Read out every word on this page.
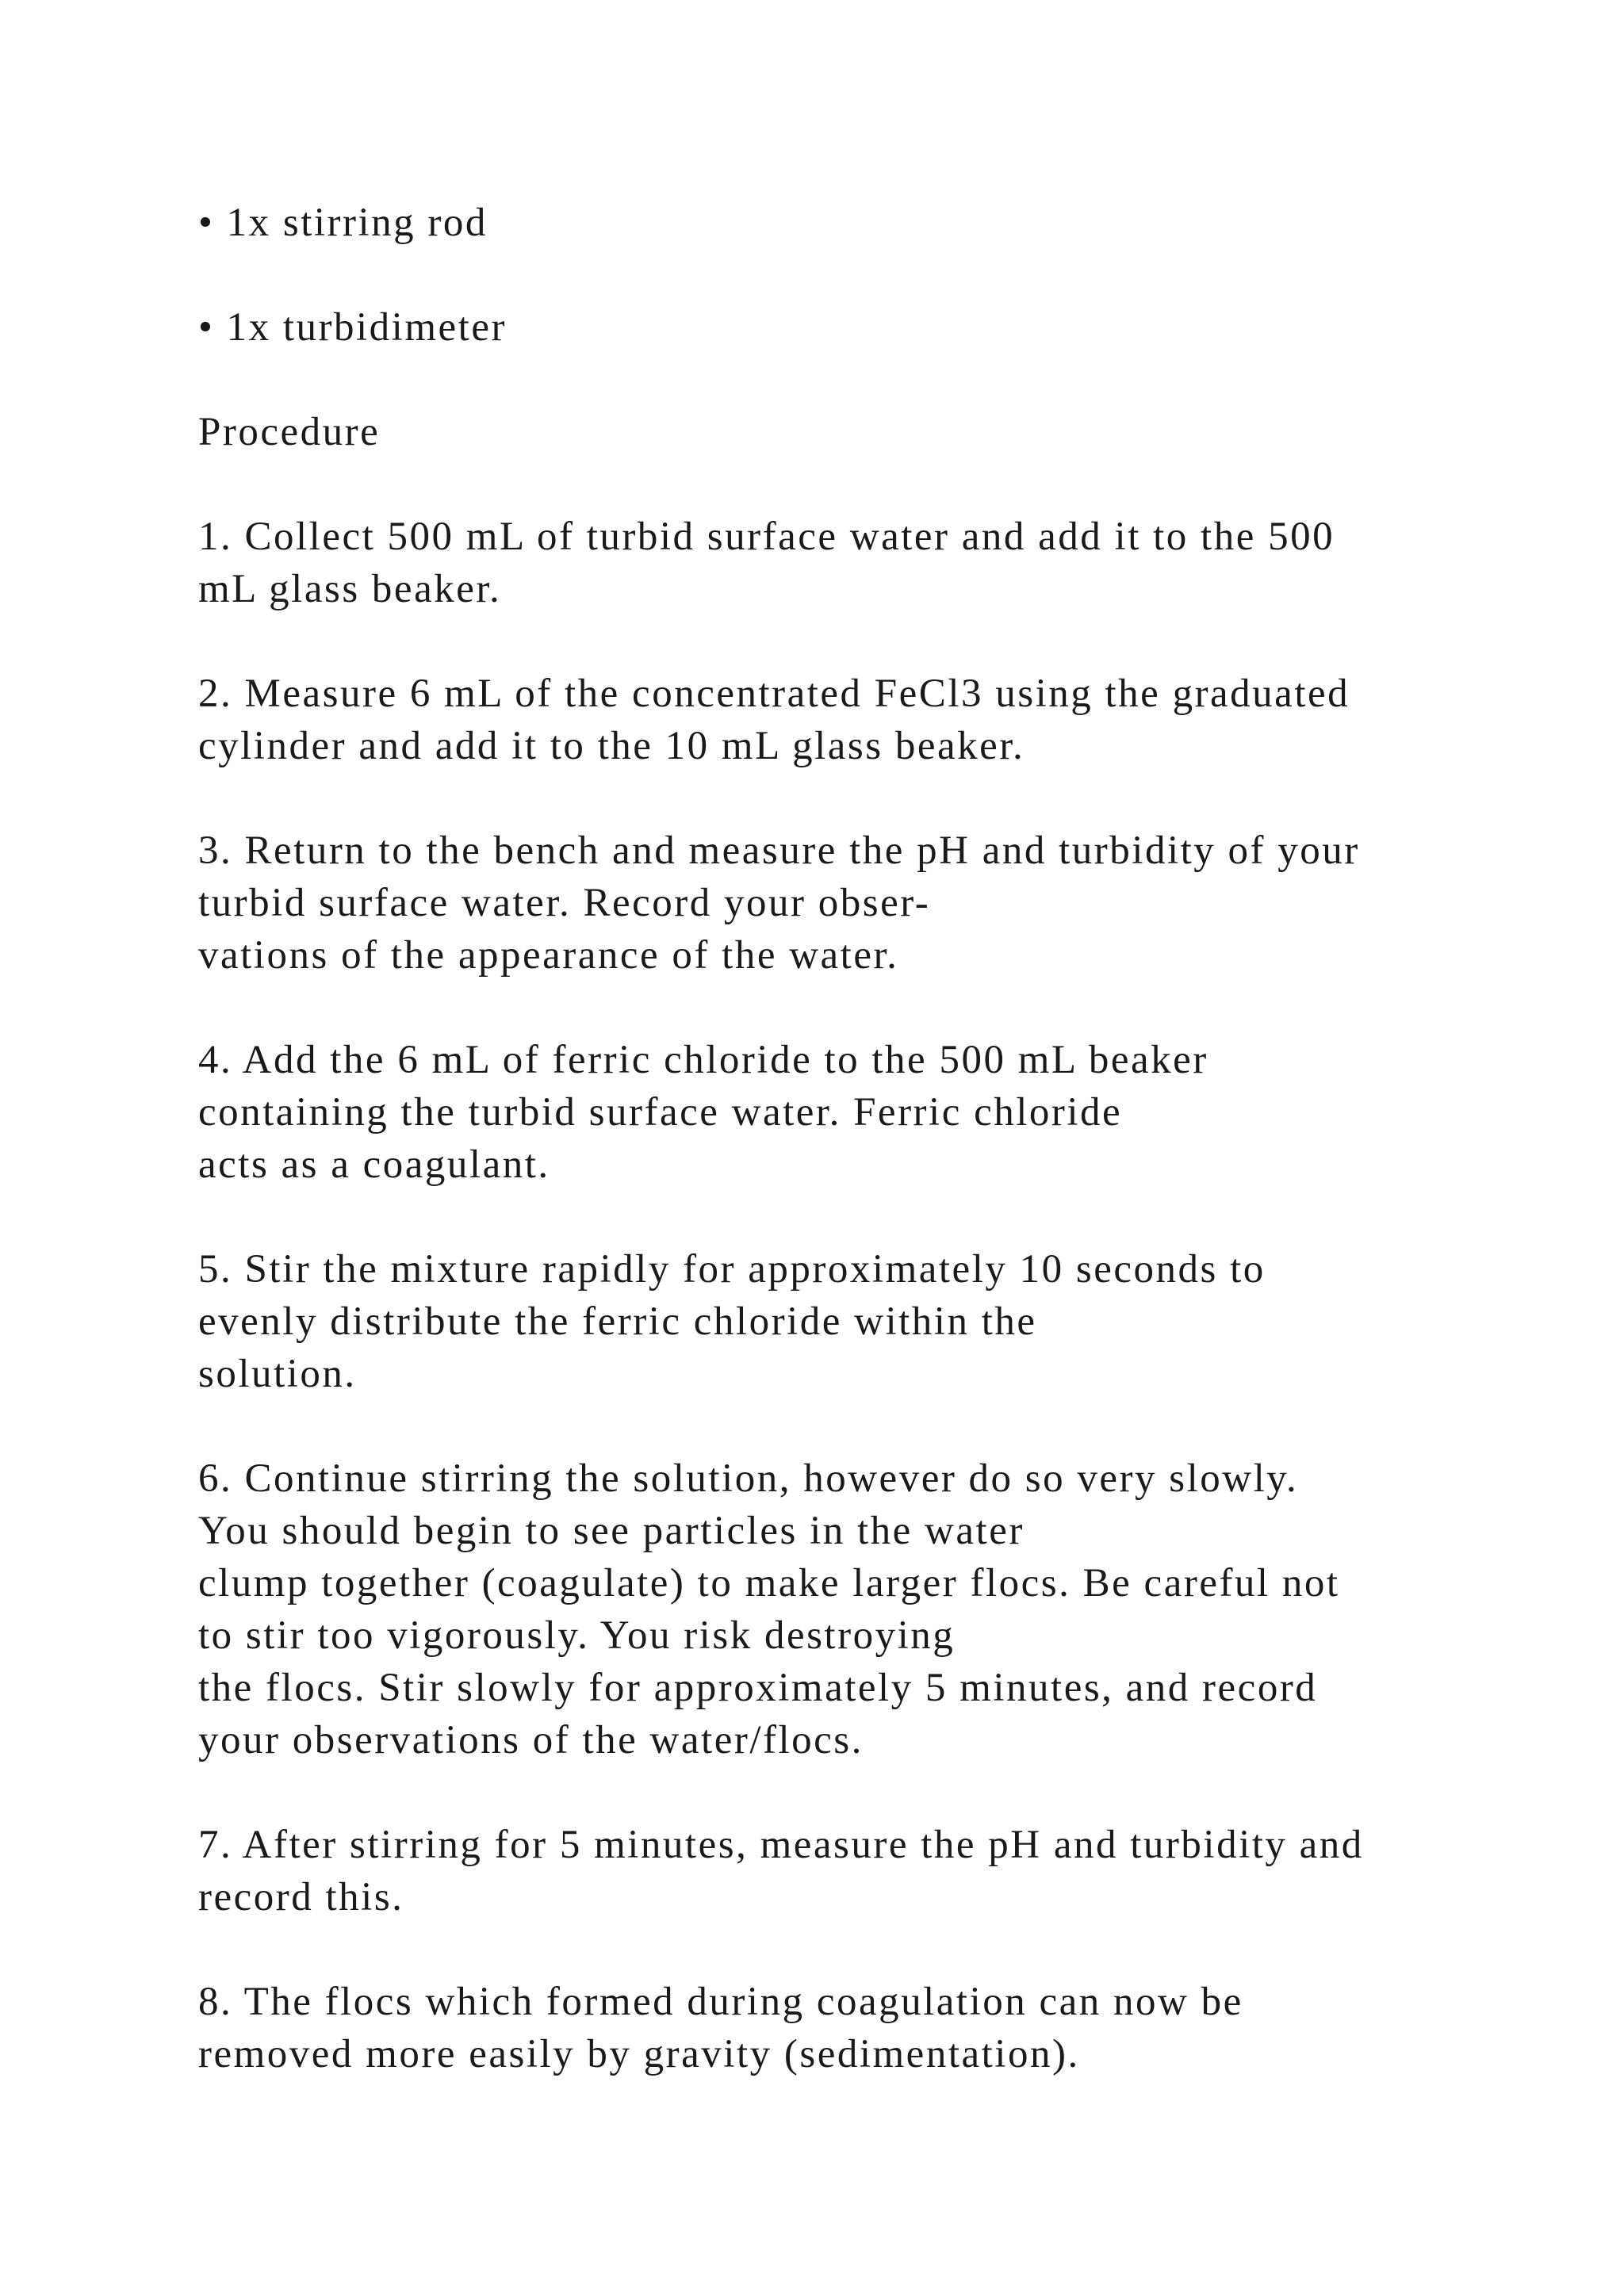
• 1x stirring rod

• 1x turbidimeter

Procedure

1. Collect 500 mL of turbid surface water and add it to the 500
mL glass beaker.

2. Measure 6 mL of the concentrated FeCl3 using the graduated
cylinder and add it to the 10 mL glass beaker.

3. Return to the bench and measure the pH and turbidity of your
turbid surface water. Record your obser-
vations of the appearance of the water.

4. Add the 6 mL of ferric chloride to the 500 mL beaker
containing the turbid surface water. Ferric chloride
acts as a coagulant.

5. Stir the mixture rapidly for approximately 10 seconds to
evenly distribute the ferric chloride within the
solution.

6. Continue stirring the solution, however do so very slowly.
You should begin to see particles in the water
clump together (coagulate) to make larger flocs. Be careful not
to stir too vigorously. You risk destroying
the flocs. Stir slowly for approximately 5 minutes, and record
your observations of the water/flocs.

7. After stirring for 5 minutes, measure the pH and turbidity and
record this.

8. The flocs which formed during coagulation can now be
removed more easily by gravity (sedimentation).
